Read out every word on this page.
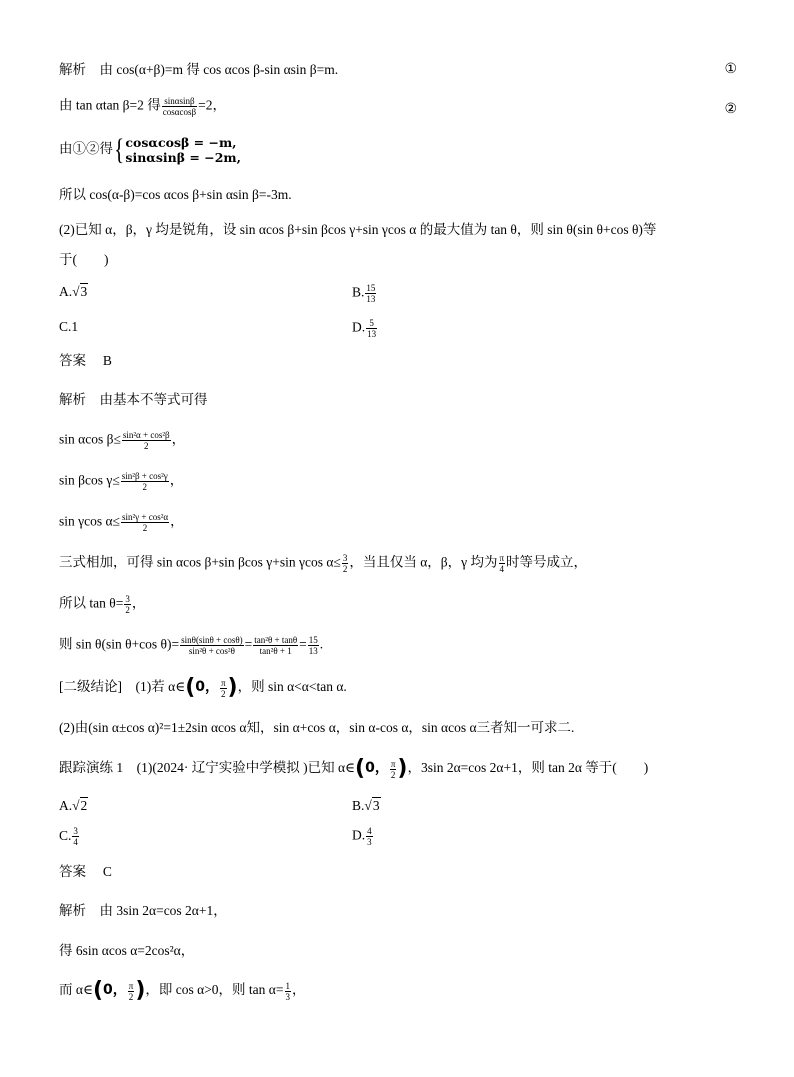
解析　 由 cos(α+β)=m 得 cos αcos β-sin αsin β=m.	①
由 tan αtan β=2 得 $\frac{\sin\alpha\sin\beta}{\cos\alpha\cos\beta} =2$，	②
由①②得{ cosαcosβ = −m,
sinαsinβ = −2m,
所以 cos(α-β)=cos αcos β+sin αsin β=-3m.
(2)已知 α，β，γ 均是锐角，设 sin αcos β+sin βcos γ+sin γcos α 的最大值为 tan θ，则 sin θ(sin θ+cos θ)等
于(　　)
A.√3	B. $\frac{15}{13}$
C.1	D. $\frac{5}{13}$
答案　 B
解析　 由基本不等式可得
sin αcos $\beta\le \frac{\text{sin²α + cos²β}}{2}$ ，
sin βcos $\gamma\le \frac{\text{sin²β + cos²γ}}{2}$ ，
sin γcos $\alpha\le \frac{\text{sin²γ + cos²α}}{2}$ ，
三式相加，可得 sin αcos β+sin βcos γ+sin γcos $\alpha\le \frac{3}{2}$ ，当且仅当 α，β，γ 均为 $\frac{\pi}{4}$ 时等号成立，
所以 $\tan \theta= \frac{3}{2}$ ，
则 sin θ(sin θ+cos $\theta)= \frac{\sin\theta(\sin\theta + \cos\theta)}{\text{sin²θ + cos²θ}} = \frac{\text{tan²θ + tanθ}}{\text{tan²θ + 1}} = \frac{15}{13}$ .
[二级结论]　 (1)若 α∈(0， $\frac{\pi}{2}$ )，则 sin α<α<tan α.
(2)由(sin α±cos α)²=1±2sin αcos α知，sin α+cos α，sin α-cos α，sin αcos α三者知一可求二.
跟踪演练 1　(1)(2024· 辽宁实验中学模拟 )已知 α∈(0， $\frac{\pi}{2}$ )，3sin 2α=cos 2α+1，则 tan 2α 等于(　　)
A.√2	B.√3
C. $\frac{3}{4}$	D. $\frac{4}{3}$
答案　 C
解析　 由 3sin 2α=cos 2α+1，
得 6sin αcos α=2cos²α，
而 α∈(0， $\frac{\pi}{2}$ )，即 cos α>0，则 $\tan \alpha= \frac{1}{3}$ ，
